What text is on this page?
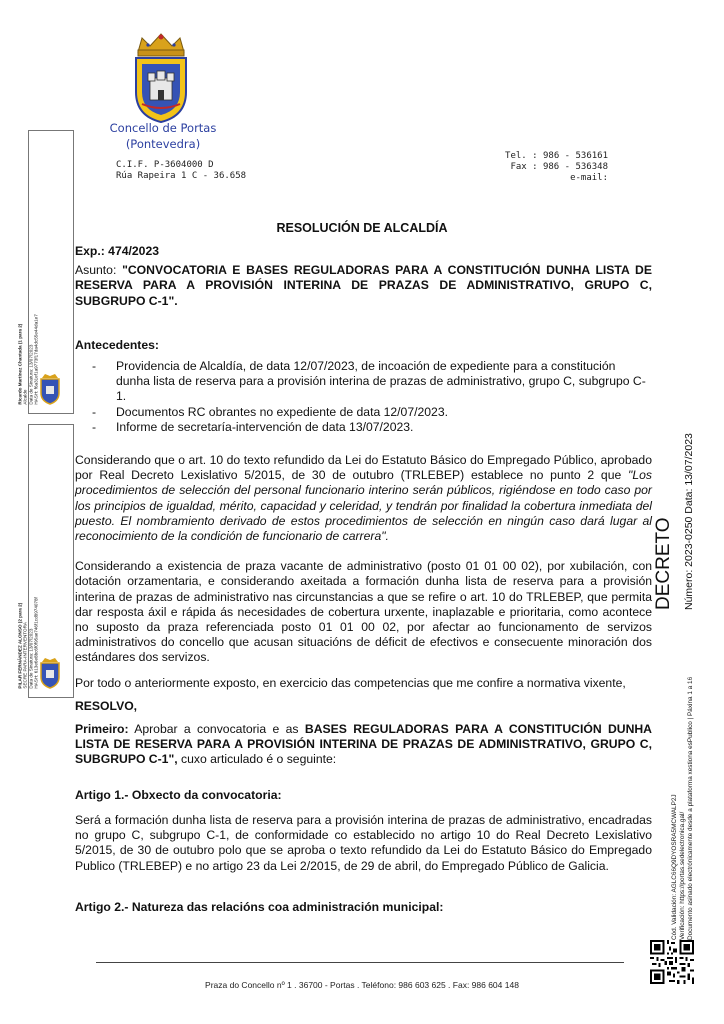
Concello de Portas
(Pontevedra)
C.I.F. P-3604000 D
Rúa Rapeira 1 C - 36.658
Tel. : 986 - 536161
Fax : 986 - 536348
e-mail:
RESOLUCIÓN DE ALCALDÍA

Exp.: 474/2023

Asunto: "CONVOCATORIA E BASES REGULADORAS PARA A CONSTITUCIÓN DUNHA LISTA DE RESERVA PARA A PROVISIÓN INTERINA DE PRAZAS DE ADMINISTRATIVO, GRUPO C, SUBGRUPO C-1".

Antecedentes:

- Providencia de Alcaldía, de data 12/07/2023, de incoación de expediente para a constitución dunha lista de reserva para a provisión interina de prazas de administrativo, grupo C, subgrupo C-1.
- Documentos RC obrantes no expediente de data 12/07/2023.
- Informe de secretaría-intervención de data 13/07/2023.

Considerando que o art. 10 do texto refundido da Lei do Estatuto Básico do Empregado Público, aprobado por Real Decreto Lexislativo 5/2015, de 30 de outubro (TRLEBEP) establece no punto 2 que "Los procedimientos de selección del personal funcionario interino serán públicos, rigiéndose en todo caso por los principios de igualdad, mérito, capacidad y celeridad, y tendrán por finalidad la cobertura inmediata del puesto. El nombramiento derivado de estos procedimientos de selección en ningún caso dará lugar al reconocimiento de la condición de funcionario de carrera".

Considerando a existencia de praza vacante de administrativo (posto 01 01 00 02), por xubilación, con dotación orzamentaria, e considerando axeitada a formación dunha lista de reserva para a provisión interina de prazas de administrativo nas circunstancias a que se refire o art. 10 do TRLEBEP, que permita dar resposta áxil e rápida ás necesidades de cobertura urxente, inaplazable e prioritaria, como acontece no suposto da praza referenciada posto 01 01 00 02, por afectar ao funcionamento de servizos administrativos do concello que acusan situacións de déficit de efectivos e consecuente minoración dos estándares dos servizos.

Por todo o anteriormente exposto, en exercicio das competencias que me confire a normativa vixente,

RESOLVO,

Primeiro: Aprobar a convocatoria e as BASES REGULADORAS PARA A CONSTITUCIÓN DUNHA LISTA DE RESERVA PARA A PROVISIÓN INTERINA DE PRAZAS DE ADMINISTRATIVO, GRUPO C, SUBGRUPO C-1", cuxo articulado é o seguinte:

Artigo 1.- Obxecto da convocatoria:

Será a formación dunha lista de reserva para a provisión interina de prazas de administrativo, encadradas no grupo C, subgrupo C-1, de conformidade co establecido no artigo 10 do Real Decreto Lexislativo 5/2015, de 30 de outubro polo que se aproba o texto refundido da Lei do Estatuto Básico do Empregado Publico (TRLEBEP) e no artigo 23 da Lei 2/2015, de 29 de abril, do Empregado Público de Galicia.

Artigo 2.- Natureza das relacións coa administración municipal:

Ricardo Martínez Chantada (1 para 2) Alcalde Data de Sinatura: 13/07/2023 HASH: f6a31ef1a9773f17da4dc55e44da1e7
PILAR FERNÁNDEZ ALONSO (2 para 2) SECRE PARA-INTERVENTORA Data de Sinatura: 13/07/2023 HASH: 613e6e8bc6f0f95ae746f1cd8974078f
DECRETO Número: 2023-0250 Data: 13/07/2023
Cód. Validación: AGLC66Q9DYOSRA5MCWALP2J Verificación: https://portas.sedelectronica.gal/ Documento asinado electrónicamente desde a plataforma xestiona esPublico | Páxina 1 a 16
Praza do Concello nº 1 . 36700 - Portas . Teléfono: 986 603 625 . Fax: 986 604 148
